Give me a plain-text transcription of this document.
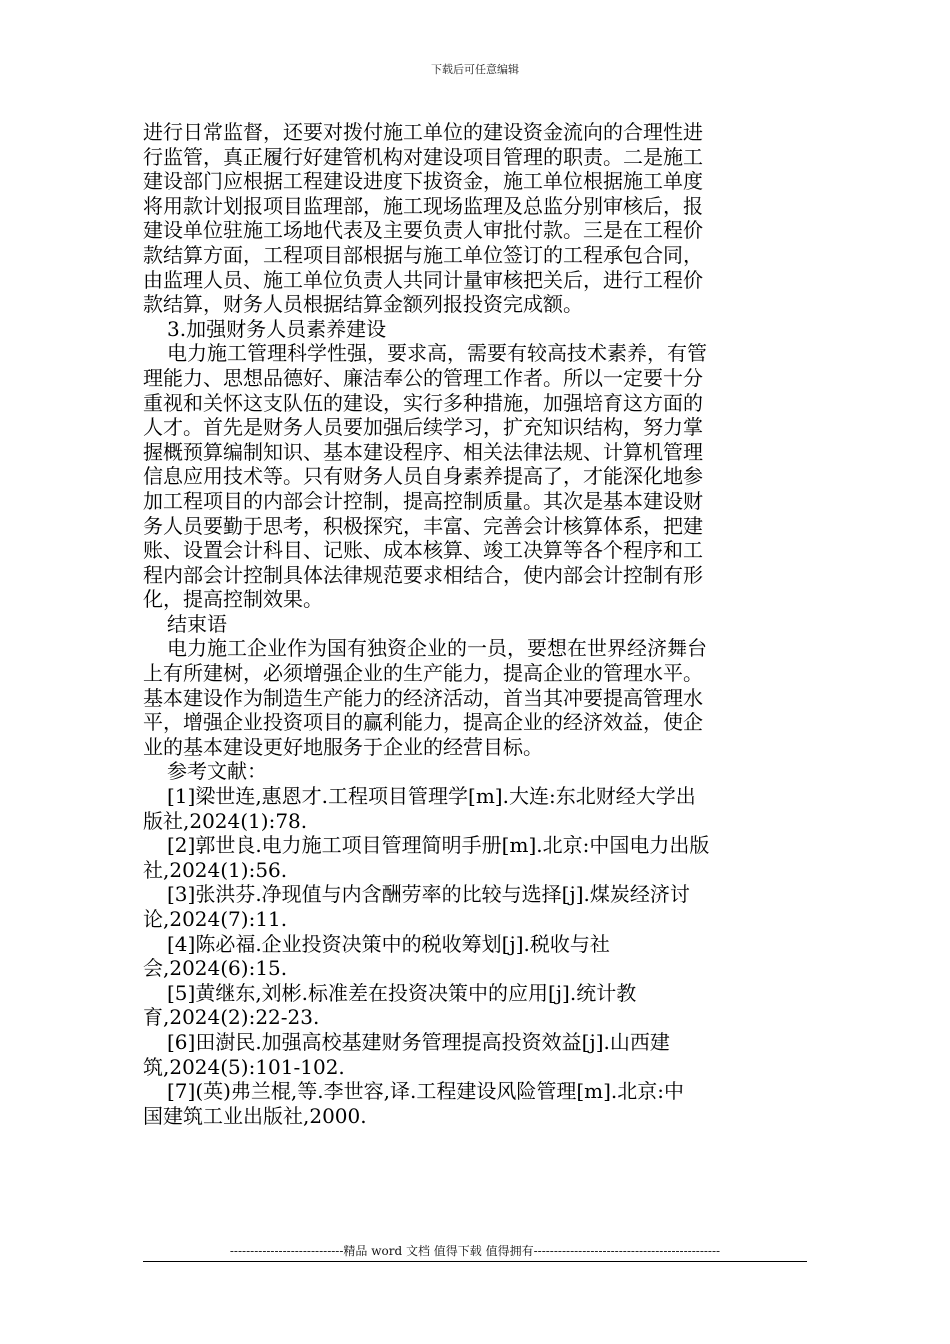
下载后可任意编辑
进行日常监督，还要对拨付施工单位的建设资金流向的合理性进
行监管，真正履行好建管机构对建设项目管理的职责。二是施工
建设部门应根据工程建设进度下拔资金，施工单位根据施工单度
将用款计划报项目监理部，施工现场监理及总监分别审核后，报
建设单位驻施工场地代表及主要负责人审批付款。三是在工程价
款结算方面，工程项目部根据与施工单位签订的工程承包合同，
由监理人员、施工单位负责人共同计量审核把关后，进行工程价
款结算，财务人员根据结算金额列报投资完成额。
3.加强财务人员素养建设
电力施工管理科学性强，要求高，需要有较高技术素养，有管
理能力、思想品德好、廉洁奉公的管理工作者。所以一定要十分
重视和关怀这支队伍的建设，实行多种措施，加强培育这方面的
人才。首先是财务人员要加强后续学习，扩充知识结构，努力掌
握概预算编制知识、基本建设程序、相关法律法规、计算机管理
信息应用技术等。只有财务人员自身素养提高了，才能深化地参
加工程项目的内部会计控制，提高控制质量。其次是基本建设财
务人员要勤于思考，积极探究，丰富、完善会计核算体系，把建
账、设置会计科目、记账、成本核算、竣工决算等各个程序和工
程内部会计控制具体法律规范要求相结合，使内部会计控制有形
化，提高控制效果。
结束语
电力施工企业作为国有独资企业的一员，要想在世界经济舞台
上有所建树，必须增强企业的生产能力，提高企业的管理水平。
基本建设作为制造生产能力的经济活动，首当其冲要提高管理水
平，增强企业投资项目的赢利能力，提高企业的经济效益，使企
业的基本建设更好地服务于企业的经营目标。
参考文献：
[1]梁世连,惠恩才.工程项目管理学[m].大连:东北财经大学出
版社,2024(1):78.
[2]郭世良.电力施工项目管理简明手册[m].北京:中国电力出版
社,2024(1):56.
[3]张洪芬.净现值与内含酬劳率的比较与选择[j].煤炭经济讨
论,2024(7):11.
[4]陈必福.企业投资决策中的税收筹划[j].税收与社
会,2024(6):15.
[5]黄继东,刘彬.标准差在投资决策中的应用[j].统计教
育,2024(2):22-23.
[6]田澍民.加强高校基建财务管理提高投资效益[j].山西建
筑,2024(5):101-102.
[7](英)弗兰棍,等.李世容,译.工程建设风险管理[m].北京:中
国建筑工业出版社,2000.
----------------------------精品 word 文档 值得下载 值得拥有----------------------------------------------
